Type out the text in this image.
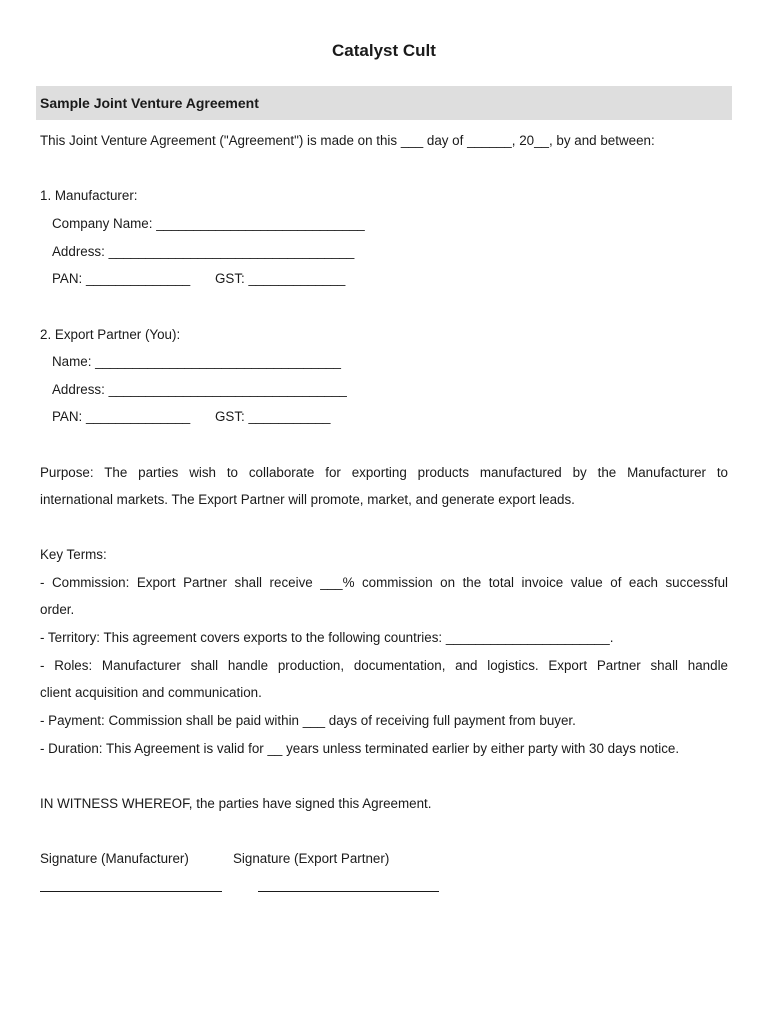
Catalyst Cult
Sample Joint Venture Agreement
This Joint Venture Agreement ("Agreement") is made on this ___ day of ______, 20__, by and between:
1. Manufacturer:
Company Name: ____________________________
Address: _________________________________
PAN: ______________ GST: _____________
2. Export Partner (You):
Name: _________________________________
Address: ________________________________
PAN: ______________ GST: ___________
Purpose: The parties wish to collaborate for exporting products manufactured by the Manufacturer to
international markets. The Export Partner will promote, market, and generate export leads.
Key Terms:
- Commission: Export Partner shall receive ___% commission on the total invoice value of each successful
order.
- Territory: This agreement covers exports to the following countries: ______________________.
- Roles: Manufacturer shall handle production, documentation, and logistics. Export Partner shall handle
client acquisition and communication.
- Payment: Commission shall be paid within ___ days of receiving full payment from buyer.
- Duration: This Agreement is valid for __ years unless terminated earlier by either party with 30 days notice.
IN WITNESS WHEREOF, the parties have signed this Agreement.
Signature (Manufacturer)	Signature (Export Partner)
